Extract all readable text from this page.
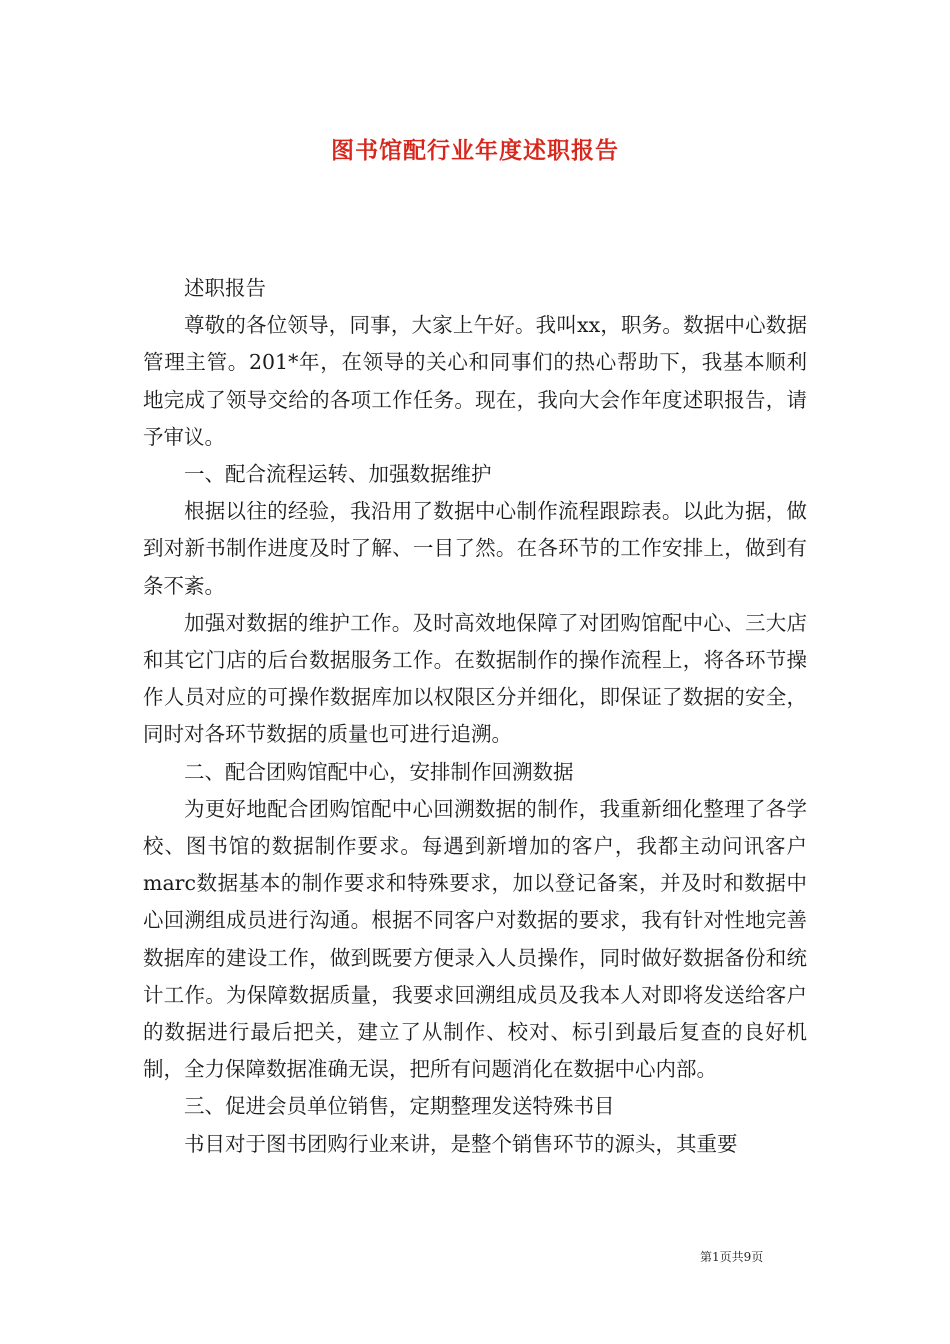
图书馆配行业年度述职报告

述职报告

尊敬的各位领导，同事，大家上午好。我叫xx，职务。数据中心数据管理主管。201*年，在领导的关心和同事们的热心帮助下，我基本顺利地完成了领导交给的各项工作任务。现在，我向大会作年度述职报告，请予审议。

一、配合流程运转、加强数据维护

根据以往的经验，我沿用了数据中心制作流程跟踪表。以此为据，做到对新书制作进度及时了解、一目了然。在各环节的工作安排上，做到有条不紊。

加强对数据的维护工作。及时高效地保障了对团购馆配中心、三大店和其它门店的后台数据服务工作。在数据制作的操作流程上，将各环节操作人员对应的可操作数据库加以权限区分并细化，即保证了数据的安全，同时对各环节数据的质量也可进行追溯。

二、配合团购馆配中心，安排制作回溯数据

为更好地配合团购馆配中心回溯数据的制作，我重新细化整理了各学校、图书馆的数据制作要求。每遇到新增加的客户，我都主动问讯客户marc数据基本的制作要求和特殊要求，加以登记备案，并及时和数据中心回溯组成员进行沟通。根据不同客户对数据的要求，我有针对性地完善数据库的建设工作，做到既要方便录入人员操作，同时做好数据备份和统计工作。为保障数据质量，我要求回溯组成员及我本人对即将发送给客户的数据进行最后把关，建立了从制作、校对、标引到最后复查的良好机制，全力保障数据准确无误，把所有问题消化在数据中心内部。

三、促进会员单位销售，定期整理发送特殊书目

书目对于图书团购行业来讲，是整个销售环节的源头，其重要

第1页共9页
